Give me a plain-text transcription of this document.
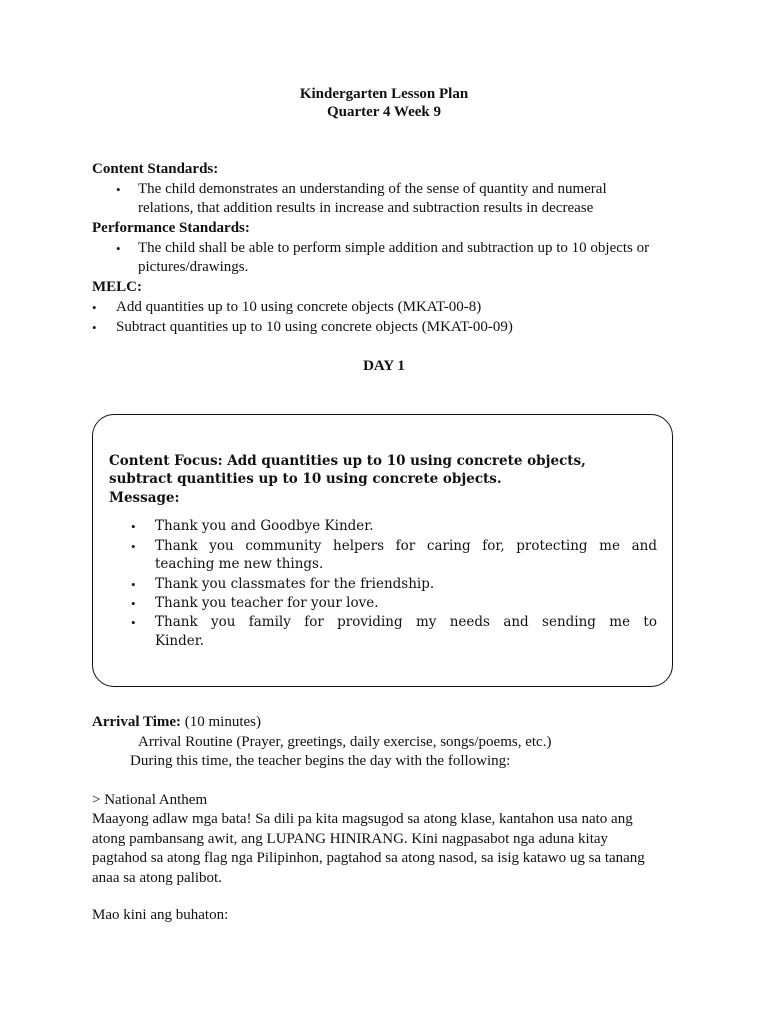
Kindergarten Lesson Plan
Quarter 4 Week 9
Content Standards:
• The child demonstrates an understanding of the sense of quantity and numeral
relations, that addition results in increase and subtraction results in decrease
Performance Standards:
• The child shall be able to perform simple addition and subtraction up to 10 objects or
pictures/drawings.
MELC:
• Add quantities up to 10 using concrete objects (MKAT-00-8)
• Subtract quantities up to 10 using concrete objects (MKAT-00-09)
DAY 1
Content Focus: Add quantities up to 10 using concrete objects,
subtract quantities up to 10 using concrete objects.
Message:
• Thank you and Goodbye Kinder.
• Thank you community helpers for caring for, protecting me and
teaching me new things.
• Thank you classmates for the friendship.
• Thank you teacher for your love.
• Thank you family for providing my needs and sending me to
Kinder.
Arrival Time: (10 minutes)
Arrival Routine (Prayer, greetings, daily exercise, songs/poems, etc.)
During this time, the teacher begins the day with the following:
> National Anthem
Maayong adlaw mga bata! Sa dili pa kita magsugod sa atong klase, kantahon usa nato ang
atong pambansang awit, ang LUPANG HINIRANG. Kini nagpasabot nga aduna kitay
pagtahod sa atong flag nga Pilipinhon, pagtahod sa atong nasod, sa isig katawo ug sa tanang
anaa sa atong palibot.
Mao kini ang buhaton:
